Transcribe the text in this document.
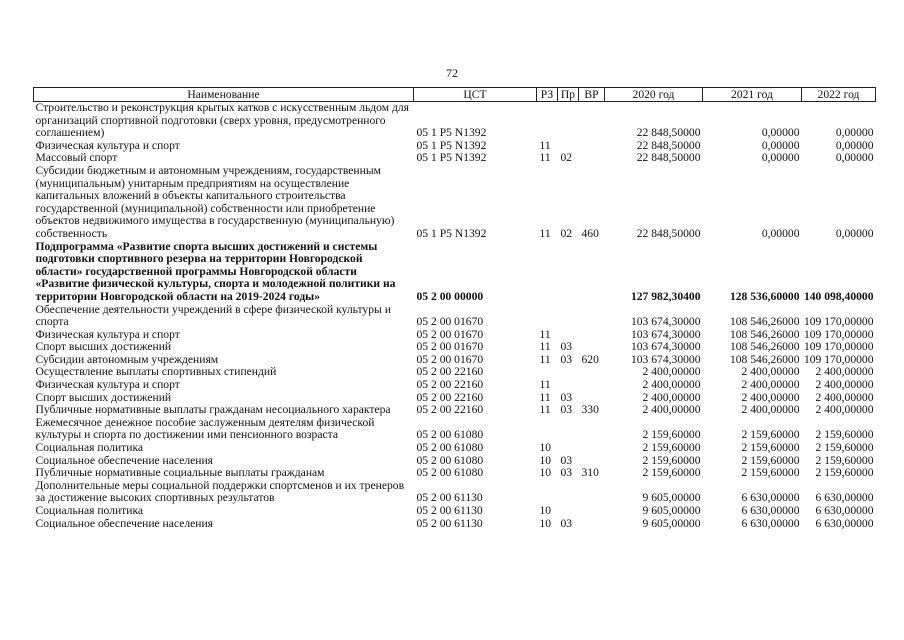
72
Наименование	ЦСТ	РЗ	Пр	ВР	2020 год	2021 год	2022 год
Строительство и реконструкция крытых катков с искусственным льдом для организаций спортивной подготовки (сверх уровня, предусмотренного соглашением)	05 1 P5 N1392				22 848,50000	0,00000	0,00000
Физическая культура и спорт	05 1 P5 N1392	11			22 848,50000	0,00000	0,00000
Массовый спорт	05 1 P5 N1392	11	02		22 848,50000	0,00000	0,00000
Субсидии бюджетным и автономным учреждениям, государственным (муниципальным) унитарным предприятиям на осуществление капитальных вложений в объекты капитального строительства государственной (муниципальной) собственности или приобретение объектов недвижимого имущества в государственную (муниципальную) собственность	05 1 P5 N1392	11	02	460	22 848,50000	0,00000	0,00000
Подпрограмма «Развитие спорта высших достижений и системы подготовки спортивного резерва на территории Новгородской области» государственной программы Новгородской области «Развитие физической культуры, спорта и молодежной политики на территории Новгородской области на 2019-2024 годы»	05 2 00 00000				127 982,30400	128 536,60000	140 098,40000
Обеспечение деятельности учреждений в сфере физической культуры и спорта	05 2 00 01670				103 674,30000	108 546,26000	109 170,00000
Физическая культура и спорт	05 2 00 01670	11			103 674,30000	108 546,26000	109 170,00000
Спорт высших достижений	05 2 00 01670	11	03		103 674,30000	108 546,26000	109 170,00000
Субсидии автономным учреждениям	05 2 00 01670	11	03	620	103 674,30000	108 546,26000	109 170,00000
Осуществление выплаты спортивных стипендий	05 2 00 22160				2 400,00000	2 400,00000	2 400,00000
Физическая культура и спорт	05 2 00 22160	11			2 400,00000	2 400,00000	2 400,00000
Спорт высших достижений	05 2 00 22160	11	03		2 400,00000	2 400,00000	2 400,00000
Публичные нормативные выплаты гражданам несоциального характера	05 2 00 22160	11	03	330	2 400,00000	2 400,00000	2 400,00000
Ежемесячное денежное пособие заслуженным деятелям физической культуры и спорта по достижении ими пенсионного возраста	05 2 00 61080				2 159,60000	2 159,60000	2 159,60000
Социальная политика	05 2 00 61080	10			2 159,60000	2 159,60000	2 159,60000
Социальное обеспечение населения	05 2 00 61080	10	03		2 159,60000	2 159,60000	2 159,60000
Публичные нормативные социальные выплаты гражданам	05 2 00 61080	10	03	310	2 159,60000	2 159,60000	2 159,60000
Дополнительные меры социальной поддержки спортсменов и их тренеров за достижение высоких спортивных результатов	05 2 00 61130				9 605,00000	6 630,00000	6 630,00000
Социальная политика	05 2 00 61130	10			9 605,00000	6 630,00000	6 630,00000
Социальное обеспечение населения	05 2 00 61130	10	03		9 605,00000	6 630,00000	6 630,00000
